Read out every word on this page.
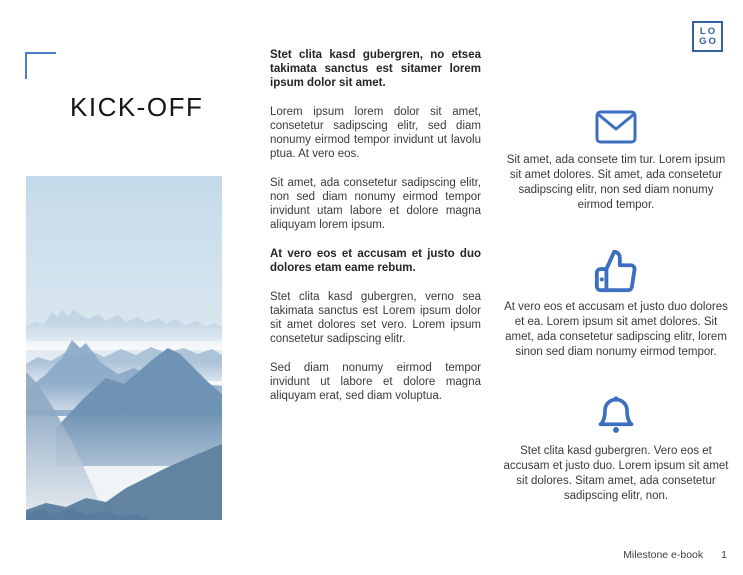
KICK-OFF

Stet clita kasd gubergren, no etsea takimata sanctus est sitamer lorem ipsum dolor sit amet.

Lorem ipsum lorem dolor sit amet, consetetur sadipscing elitr, sed diam nonumy eirmod tempor invidunt ut lavolu ptua. At vero eos.

Sit amet, ada consetetur sadipscing elitr, non sed diam nonumy eirmod tempor invidunt utam labore et dolore magna aliquyam lorem ipsum.

At vero eos et accusam et justo duo dolores etam eame rebum.

Stet clita kasd gubergren, verno sea takimata sanctus est Lorem ipsum dolor sit amet dolores set vero. Lorem ipsum consetetur sadipscing elitr.

Sed diam nonumy eirmod tempor invidunt ut labore et dolore magna aliquyam erat, sed diam voluptua.

LO
GO
Sit amet, ada consete tim tur. Lorem ipsum sit amet dolores. Sit amet, ada consetetur sadipscing elitr, non sed diam nonumy eirmod tempor.
At vero eos et accusam et justo duo dolores et ea. Lorem ipsum sit amet dolores. Sit amet, ada consetetur sadipscing elitr, lorem sinon sed diam nonumy eirmod tempor.
Stet clita kasd gubergren. Vero eos et accusam et justo duo. Lorem ipsum sit amet sit dolores. Sitam amet, ada consetetur sadipscing elitr, non.
Milestone e-book 1
